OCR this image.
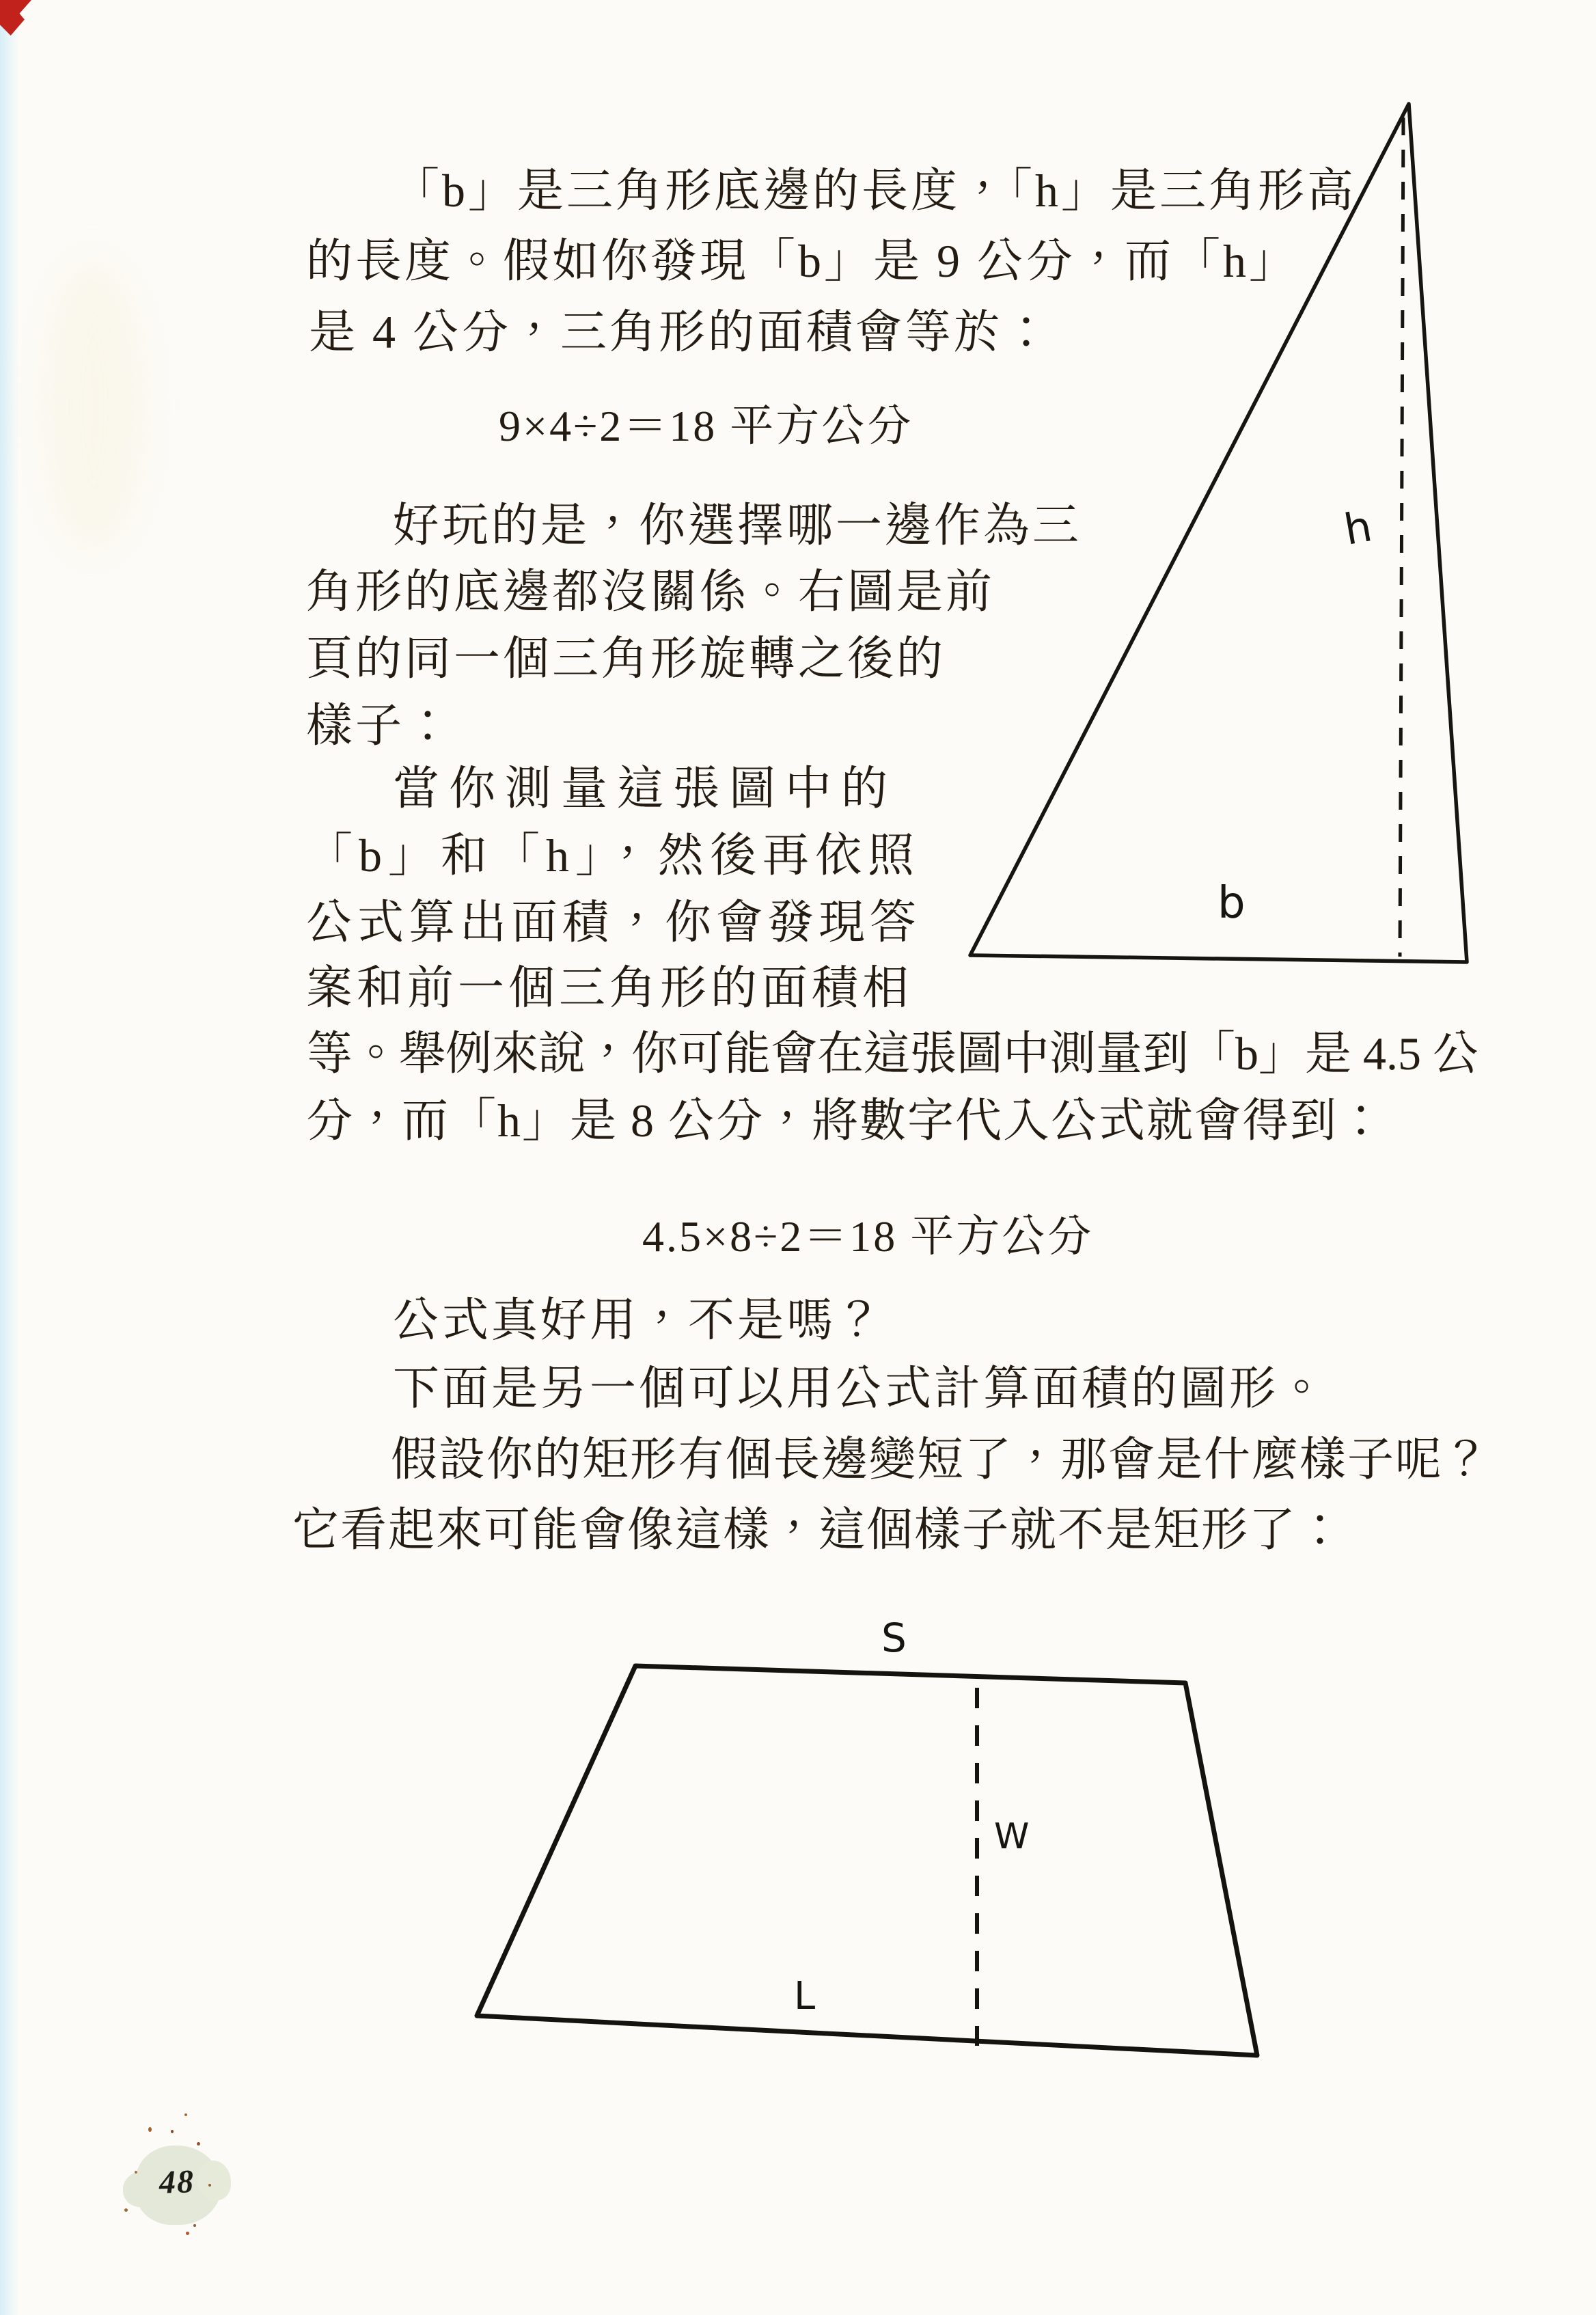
「b」是三角形底邊的長度，「h」是三角形高
的長度。假如你發現「b」是 9 公分，而「h」
是 4 公分，三角形的面積會等於：
9×4÷2＝18 平方公分
好玩的是，你選擇哪一邊作為三
角形的底邊都沒關係。右圖是前
頁的同一個三角形旋轉之後的
樣子：
當你測量這張圖中的
「b」和「h」，然後再依照
公式算出面積，你會發現答
案和前一個三角形的面積相
等。舉例來說，你可能會在這張圖中測量到「b」是 4.5 公
分，而「h」是 8 公分，將數字代入公式就會得到：
4.5×8÷2＝18 平方公分
公式真好用，不是嗎？
下面是另一個可以用公式計算面積的圖形。
假設你的矩形有個長邊變短了，那會是什麼樣子呢？
它看起來可能會像這樣，這個樣子就不是矩形了：
h
b
S
W
L
48
